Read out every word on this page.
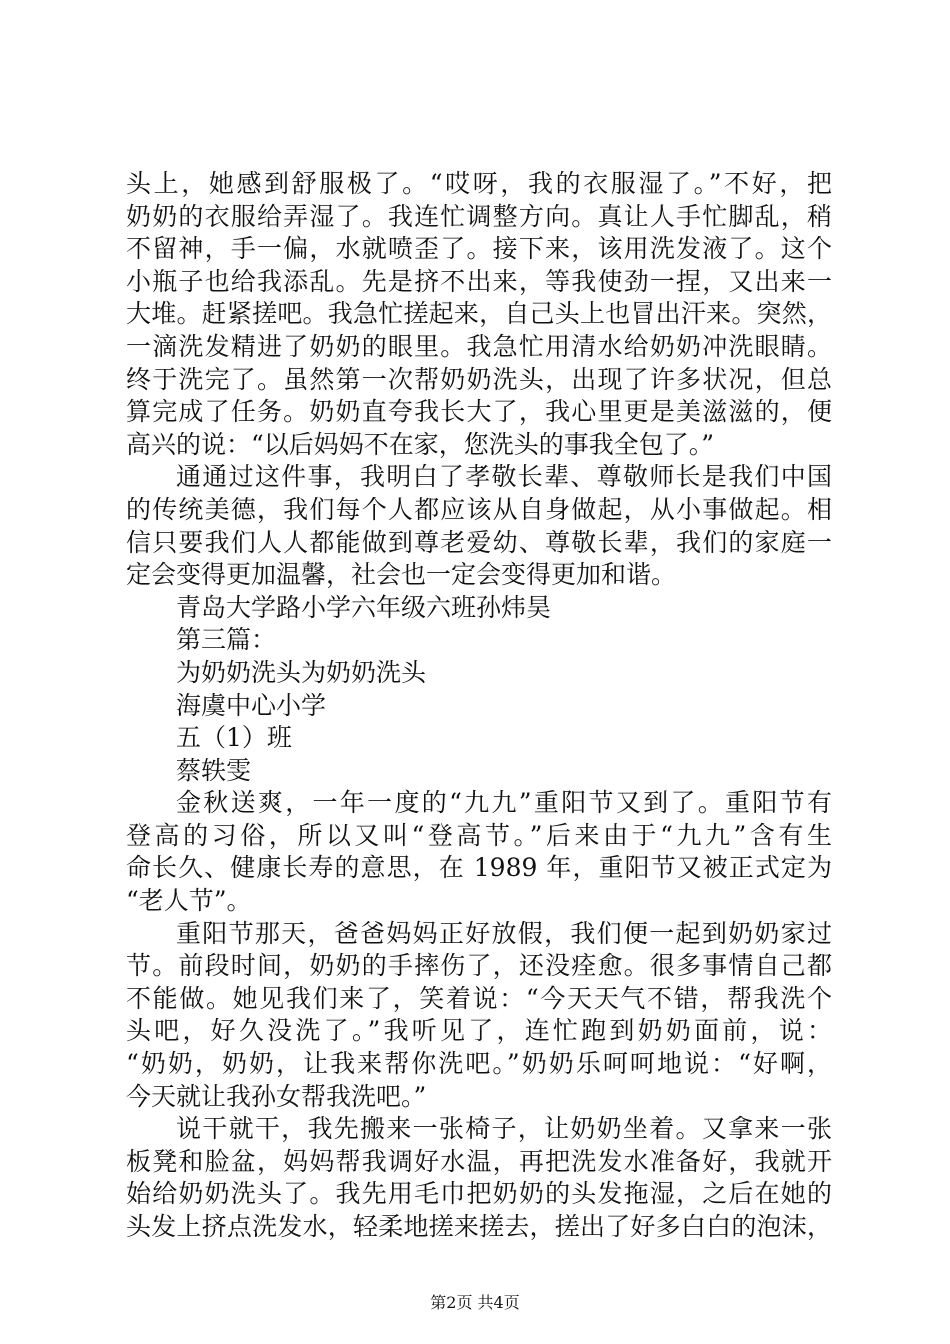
头上，她感到舒服极了。“哎呀，我的衣服湿了。”不好，把
奶奶的衣服给弄湿了。我连忙调整方向。真让人手忙脚乱，稍
不留神，手一偏，水就喷歪了。接下来，该用洗发液了。这个
小瓶子也给我添乱。先是挤不出来，等我使劲一捏，又出来一
大堆。赶紧搓吧。我急忙搓起来，自己头上也冒出汗来。突然，
一滴洗发精进了奶奶的眼里。我急忙用清水给奶奶冲洗眼睛。
终于洗完了。虽然第一次帮奶奶洗头，出现了许多状况，但总
算完成了任务。奶奶直夸我长大了，我心里更是美滋滋的，便
高兴的说：“以后妈妈不在家，您洗头的事我全包了。”
通通过这件事，我明白了孝敬长辈、尊敬师长是我们中国
的传统美德，我们每个人都应该从自身做起，从小事做起。相
信只要我们人人都能做到尊老爱幼、尊敬长辈，我们的家庭一
定会变得更加温馨，社会也一定会变得更加和谐。
青岛大学路小学六年级六班孙炜昊
第三篇：
为奶奶洗头为奶奶洗头
海虞中心小学
五（1）班
蔡轶雯
金秋送爽，一年一度的“九九”重阳节又到了。重阳节有
登高的习俗，所以又叫“登高节。”后来由于“九九”含有生
命长久、健康长寿的意思，在 1989 年，重阳节又被正式定为
“老人节”。
重阳节那天，爸爸妈妈正好放假，我们便一起到奶奶家过
节。前段时间，奶奶的手摔伤了，还没痊愈。很多事情自己都
不能做。她见我们来了，笑着说：“今天天气不错，帮我洗个
头吧，好久没洗了。”我听见了，连忙跑到奶奶面前，说：
“奶奶，奶奶，让我来帮你洗吧。”奶奶乐呵呵地说：“好啊，
今天就让我孙女帮我洗吧。”
说干就干，我先搬来一张椅子，让奶奶坐着。又拿来一张
板凳和脸盆，妈妈帮我调好水温，再把洗发水准备好，我就开
始给奶奶洗头了。我先用毛巾把奶奶的头发拖湿，之后在她的
头发上挤点洗发水，轻柔地搓来搓去，搓出了好多白白的泡沫，
第2页 共4页
